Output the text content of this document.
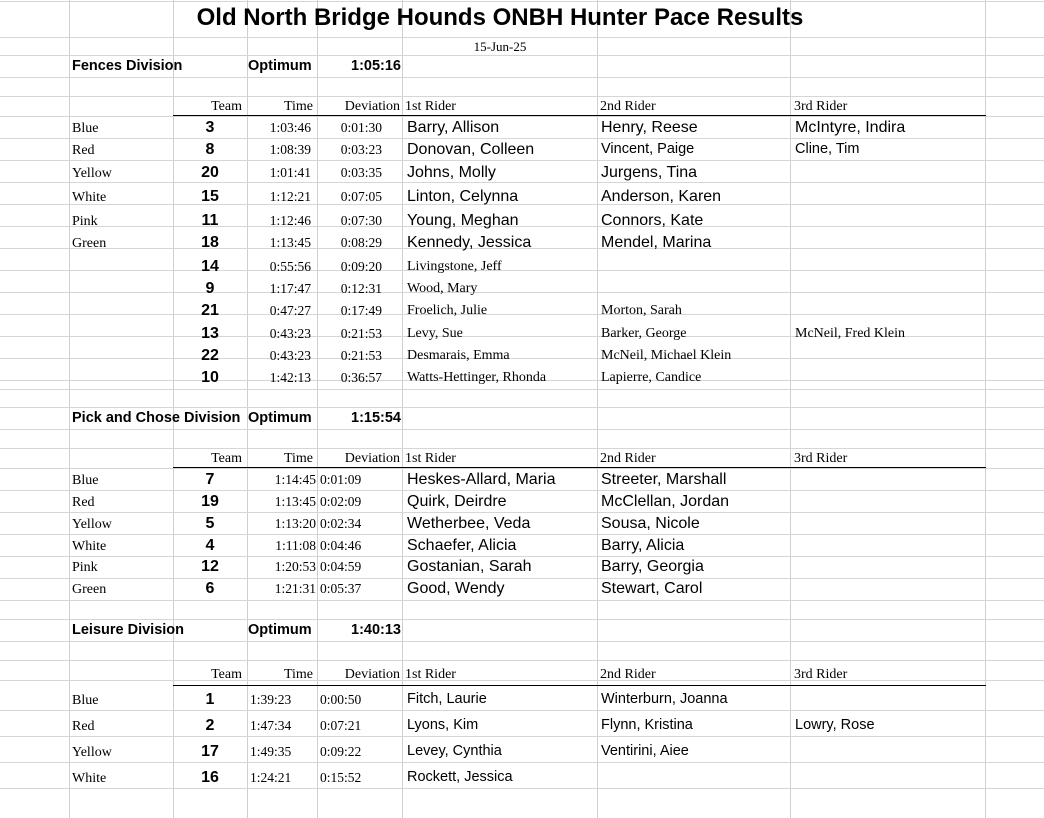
Old North Bridge Hounds ONBH Hunter Pace Results
15-Jun-25
Fences Division	Optimum	1:05:16
Team	Time	Deviation 1st Rider	2nd Rider	3rd Rider
Blue	3	1:03:46	0:01:30 Barry, Allison	Henry, Reese	McIntyre, Indira
Red	8	1:08:39	0:03:23 Donovan, Colleen	Vincent, Paige	Cline, Tim
Yellow	20	1:01:41	0:03:35 Johns, Molly	Jurgens, Tina
White	15	1:12:21	0:07:05 Linton, Celynna	Anderson, Karen
Pink	11	1:12:46	0:07:30 Young, Meghan	Connors, Kate
Green	18	1:13:45	0:08:29 Kennedy, Jessica	Mendel, Marina
14	0:55:56	0:09:20 Livingstone, Jeff
9	1:17:47	0:12:31 Wood, Mary
21	0:47:27	0:17:49 Froelich, Julie	Morton, Sarah
13	0:43:23	0:21:53 Levy, Sue	Barker, George	McNeil, Fred Klein
22	0:43:23	0:21:53 Desmarais, Emma	McNeil, Michael Klein
10	1:42:13	0:36:57 Watts-Hettinger, Rhonda	Lapierre, Candice
Pick and Chose Division Optimum	1:15:54
Team	Time	Deviation 1st Rider	2nd Rider	3rd Rider
Blue	7	1:14:45 0:01:09	Heskes-Allard, Maria	Streeter, Marshall
Red	19	1:13:45 0:02:09	Quirk, Deirdre	McClellan, Jordan
Yellow	5	1:13:20 0:02:34	Wetherbee, Veda	Sousa, Nicole
White	4	1:11:08 0:04:46	Schaefer, Alicia	Barry, Alicia
Pink	12	1:20:53 0:04:59	Gostanian, Sarah	Barry, Georgia
Green	6	1:21:31 0:05:37	Good, Wendy	Stewart, Carol
Leisure Division	Optimum	1:40:13
Team	Time	Deviation 1st Rider	2nd Rider	3rd Rider
Blue	1	1:39:23 0:00:50	Fitch, Laurie	Winterburn, Joanna
Red	2	1:47:34 0:07:21	Lyons, Kim	Flynn, Kristina	Lowry, Rose
Yellow	17	1:49:35 0:09:22	Levey, Cynthia	Ventirini, Aiee
White	16	1:24:21 0:15:52	Rockett, Jessica
